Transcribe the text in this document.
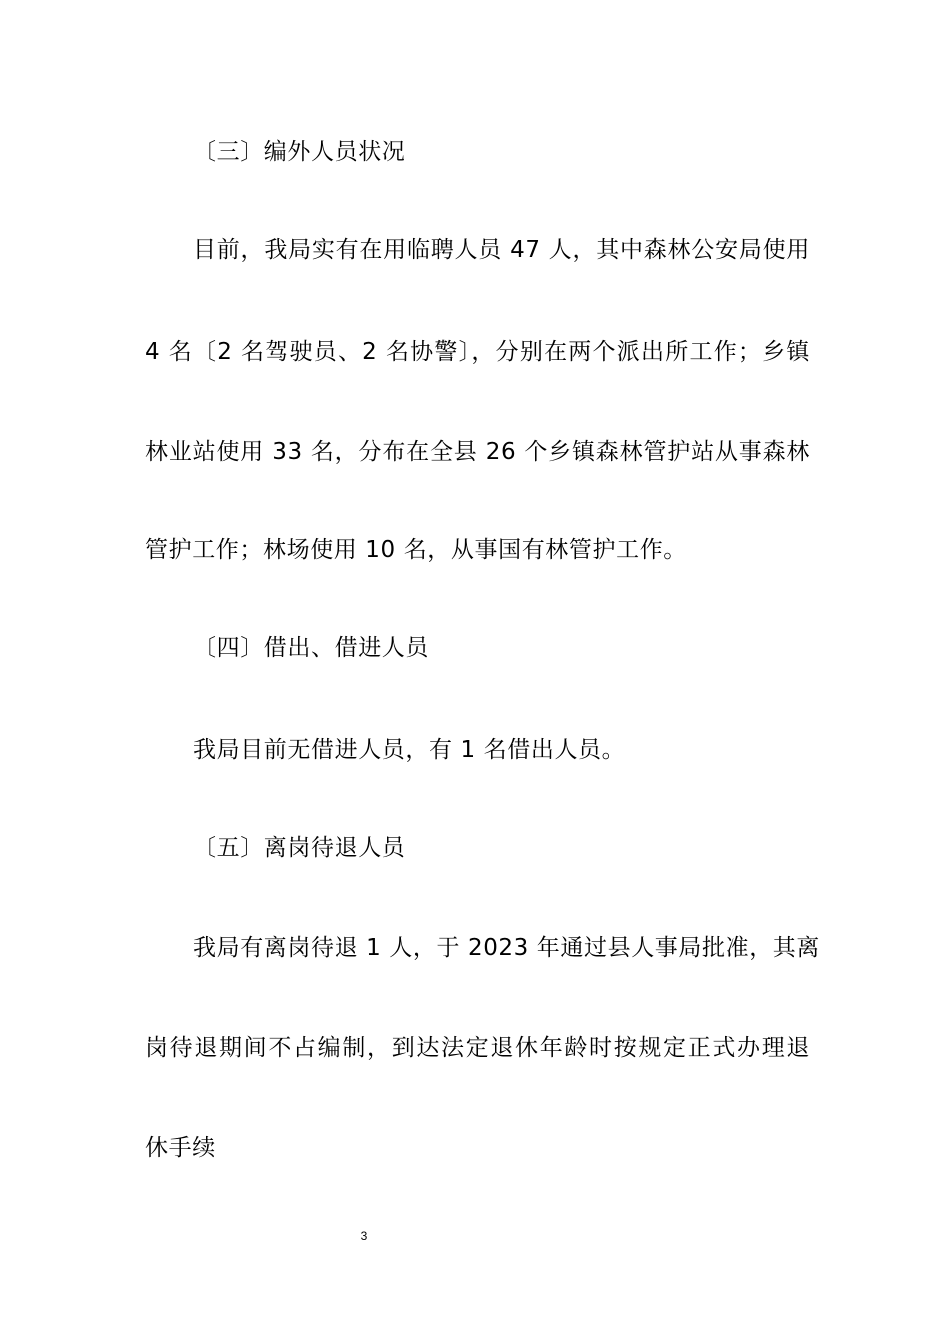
〔三〕编外人员状况
目前，我局实有在用临聘人员 47 人，其中森林公安局使用
4 名〔2 名驾驶员、2 名协警〕，分别在两个派出所工作；乡镇
林业站使用 33 名，分布在全县 26 个乡镇森林管护站从事森林
管护工作；林场使用 10 名，从事国有林管护工作。
〔四〕借出、借进人员
我局目前无借进人员，有 1 名借出人员。
〔五〕离岗待退人员
我局有离岗待退 1 人，于 2023 年通过县人事局批准，其离
岗待退期间不占编制，到达法定退休年龄时按规定正式办理退
休手续
3
